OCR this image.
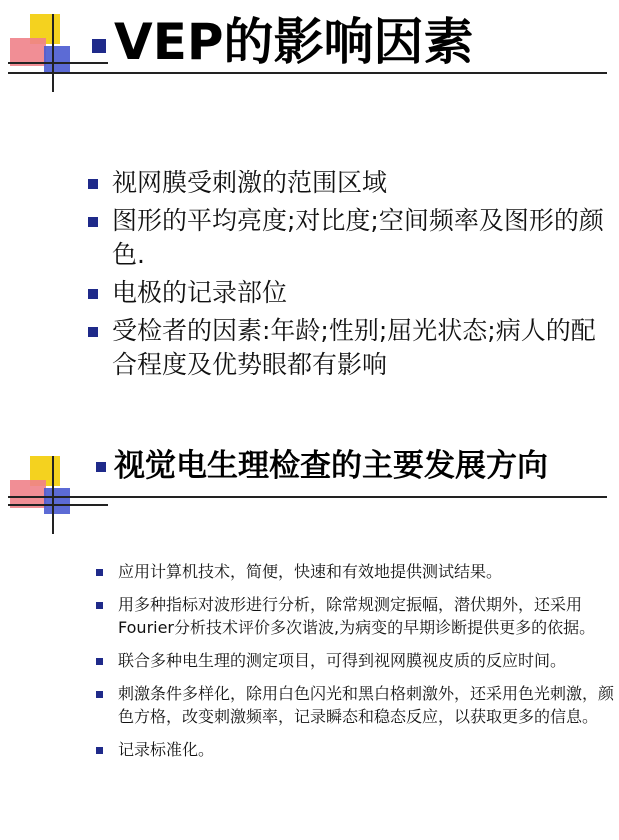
VEP的影响因素
视网膜受刺激的范围区域
图形的平均亮度;对比度;空间频率及图形的颜色.
电极的记录部位
受检者的因素:年龄;性别;屈光状态;病人的配合程度及优势眼都有影响
视觉电生理检查的主要发展方向
应用计算机技术，简便，快速和有效地提供测试结果。
用多种指标对波形进行分析，除常规测定振幅，潜伏期外，还采用Fourier分析技术评价多次谐波,为病变的早期诊断提供更多的依据。
联合多种电生理的测定项目，可得到视网膜视皮质的反应时间。
刺激条件多样化，除用白色闪光和黑白格刺激外，还采用色光刺激，颜色方格，改变刺激频率，记录瞬态和稳态反应，以获取更多的信息。
记录标准化。
